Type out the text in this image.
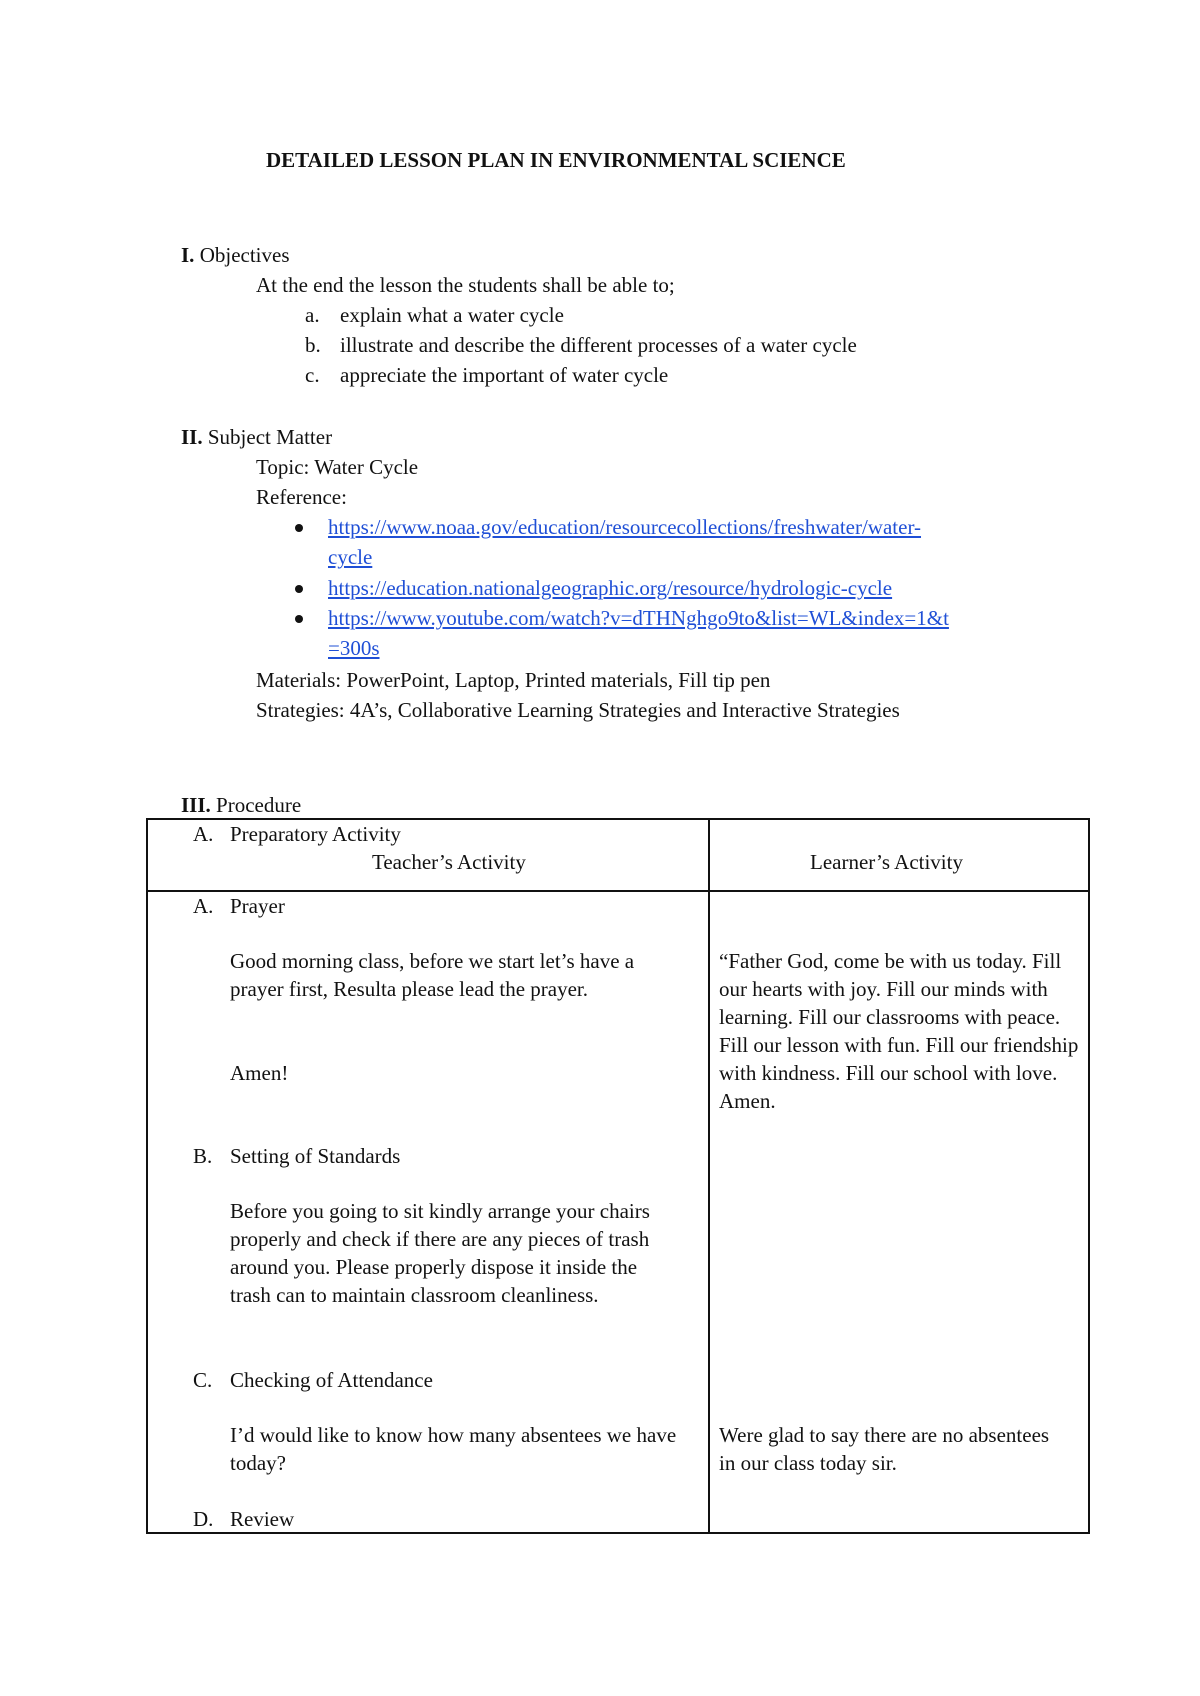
DETAILED LESSON PLAN IN ENVIRONMENTAL SCIENCE
I. Objectives
At the end the lesson the students shall be able to;
a. explain what a water cycle
b. illustrate and describe the different processes of a water cycle
c. appreciate the important of water cycle
II. Subject Matter
Topic: Water Cycle
Reference:
https://www.noaa.gov/education/resourcecollections/freshwater/water-
cycle
https://education.nationalgeographic.org/resource/hydrologic-cycle
https://www.youtube.com/watch?v=dTHNghgo9to&list=WL&index=1&t
=300s
Materials: PowerPoint, Laptop, Printed materials, Fill tip pen
Strategies: 4A’s, Collaborative Learning Strategies and Interactive Strategies
III. Procedure
A. Preparatory Activity
Teacher’s Activity	Learner’s Activity
A. Prayer
Good morning class, before we start let’s have a prayer first, Resulta please lead the prayer.
Amen!
B. Setting of Standards
Before you going to sit kindly arrange your chairs properly and check if there are any pieces of trash around you. Please properly dispose it inside the trash can to maintain classroom cleanliness.
C. Checking of Attendance
I’d would like to know how many absentees we have today?
D. Review
“Father God, come be with us today. Fill our hearts with joy. Fill our minds with learning. Fill our classrooms with peace. Fill our lesson with fun. Fill our friendship with kindness. Fill our school with love. Amen.
Were glad to say there are no absentees in our class today sir.
